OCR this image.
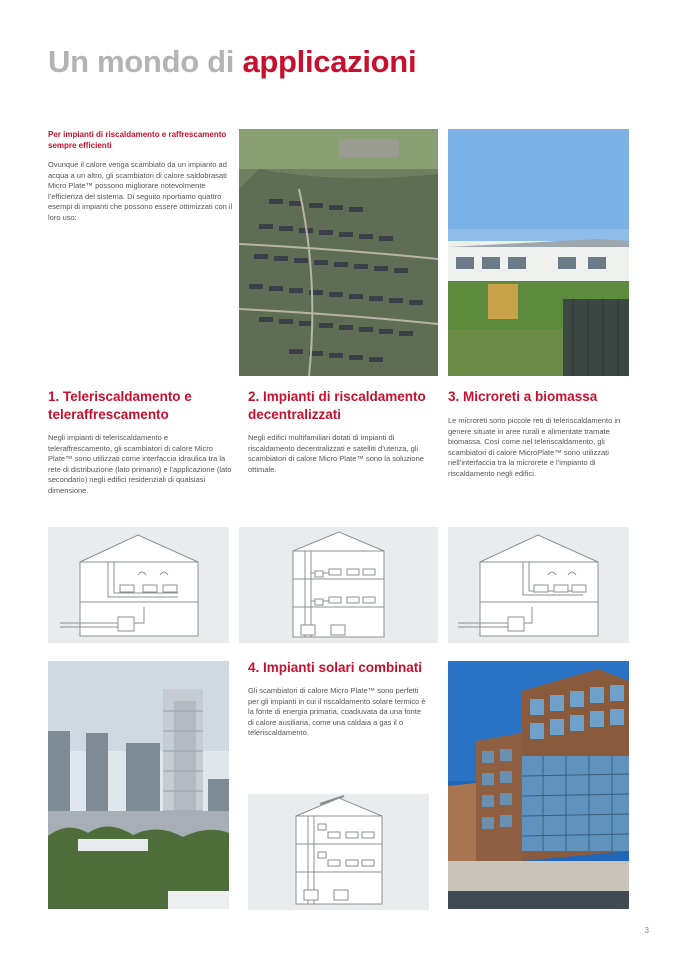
Un mondo di applicazioni
Per impianti di riscaldamento e raffrescamento sempre efficienti
Ovunque il calore venga scambiato da un impianto ad acqua a un altro, gli scambiatori di calore saldobrasati Micro Plate™ possono migliorare notevolmente l’efficienza del sistema. Di seguito riportiamo quattro esempi di impianti che possono essere ottimizzati con il loro uso:
1. Teleriscaldamento e teleraffrescamento
Negli impianti di teleriscaldamento e teleraffrescamento, gli scambiatori di calore Micro Plate™ sono utilizzati come interfaccia idraulica tra la rete di distribuzione (lato primario) e l’applicazione (lato secondario) negli edifici residenziali di qualsiasi dimensione.
2. Impianti di riscaldamento decentralizzati
Negli edifici multifamiliari dotati di impianti di riscaldamento decentralizzati e satelliti d’utenza, gli scambiatori di calore Micro Plate™ sono la soluzione ottimale.
3. Microreti a biomassa
Le microreti sono piccole reti di teleriscaldamento in genere situate in aree rurali e alimentate tramate biomassa. Così come nel teleriscaldamento, gli scambiatori di calore MicroPlate™ sono utilizzati nell’interfaccia tra la microrete e l’impianto di riscaldamento negli edifici.
4. Impianti solari combinati
Gli scambiatori di calore Micro Plate™ sono perfetti per gli impianti in cui il riscaldamento solare termico è la fonte di energia primaria, coadiuvata da una fonte di calore ausiliaria, come una caldaia a gas il o teleriscaldamento.
3
